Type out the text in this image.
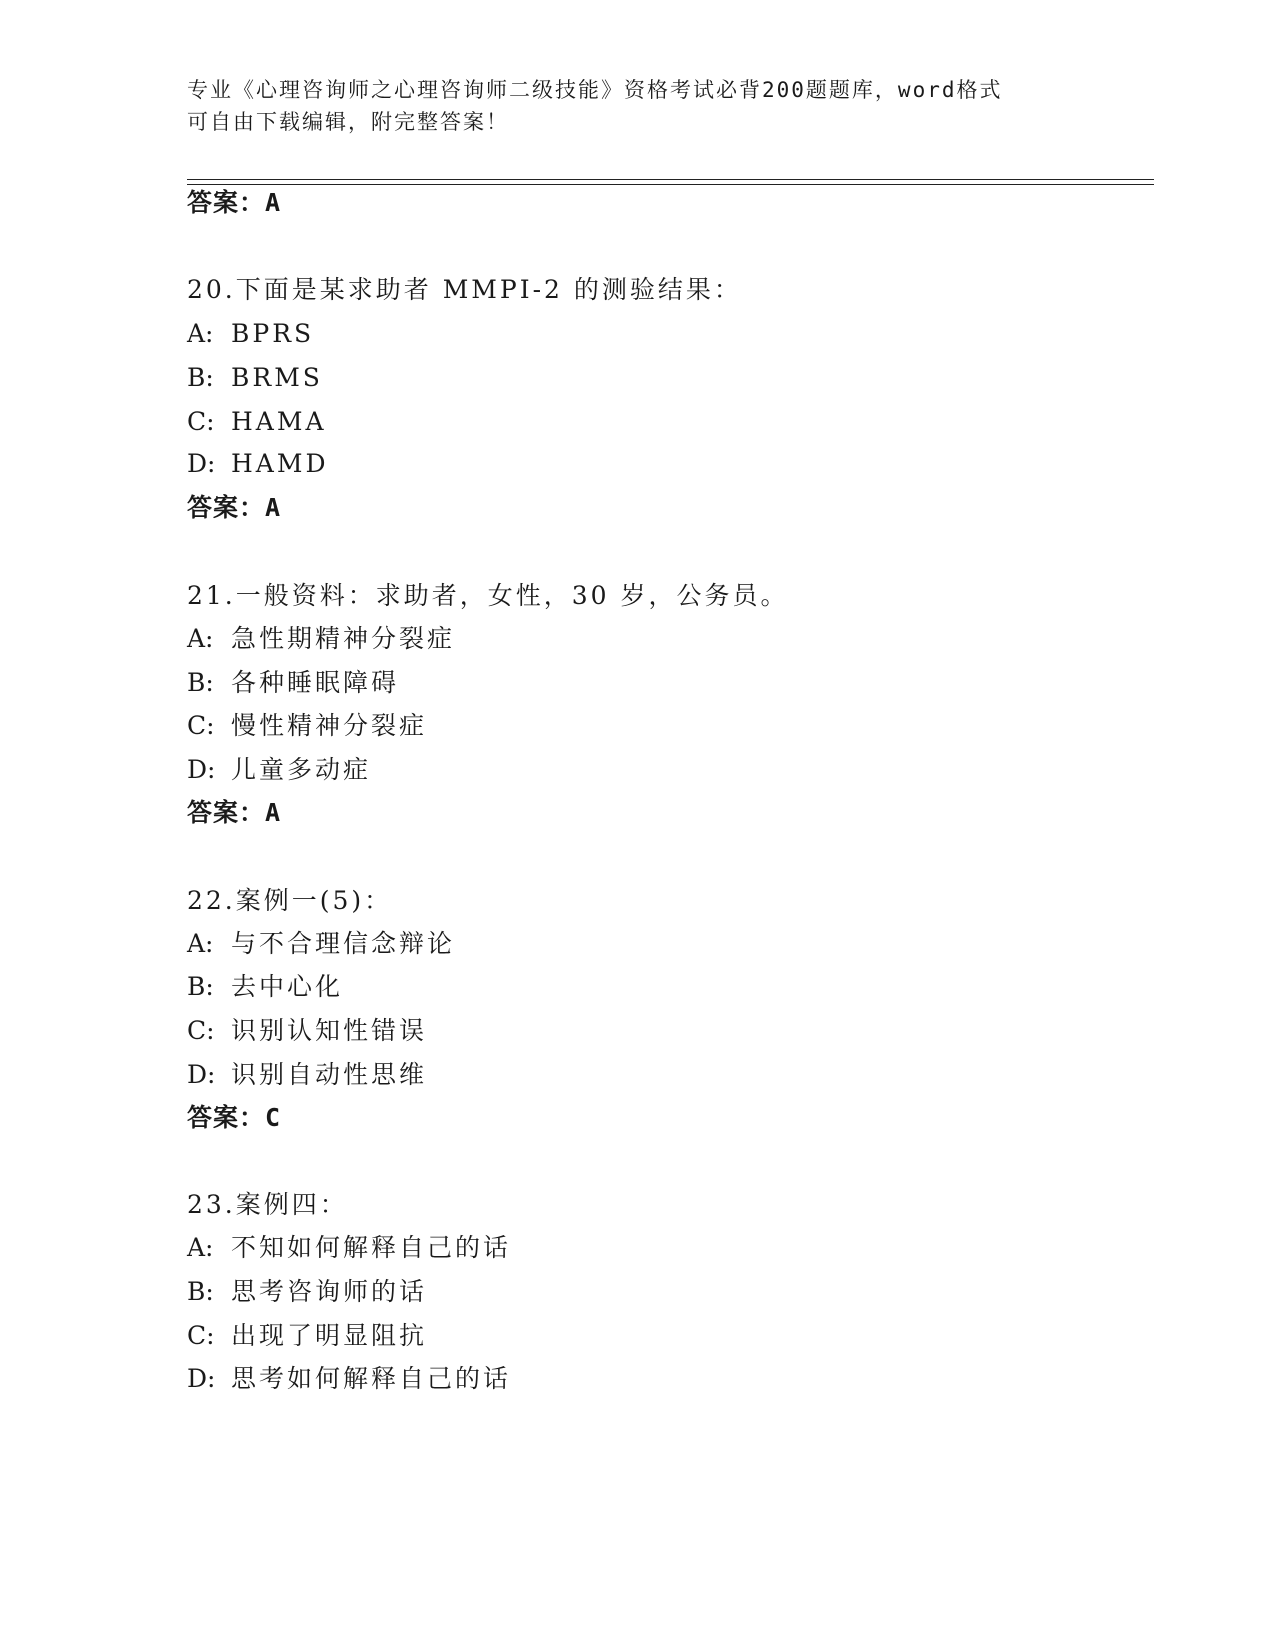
专业《心理咨询师之心理咨询师二级技能》资格考试必背200题题库，word格式
可自由下载编辑，附完整答案！
答案：A
20.下面是某求助者 MMPI-2 的测验结果：
A: BPRS
B: BRMS
C: HAMA
D: HAMD
答案：A
21.一般资料：求助者，女性，30 岁，公务员。
A: 急性期精神分裂症
B: 各种睡眠障碍
C: 慢性精神分裂症
D: 儿童多动症
答案：A
22.案例一(5)：
A: 与不合理信念辩论
B: 去中心化
C: 识别认知性错误
D: 识别自动性思维
答案：C
23.案例四：
A: 不知如何解释自己的话
B: 思考咨询师的话
C: 出现了明显阻抗
D: 思考如何解释自己的话
